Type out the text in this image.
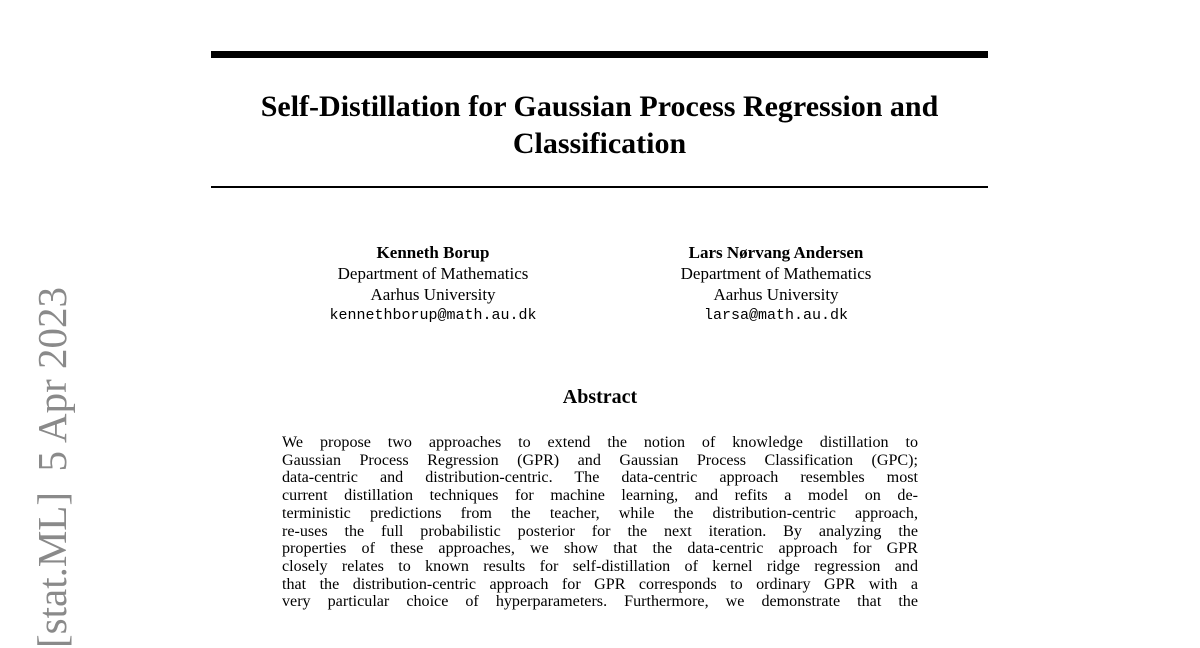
Self-Distillation for Gaussian Process Regression and Classification
Kenneth Borup
Department of Mathematics
Aarhus University
kennethborup@math.au.dk
Lars Nørvang Andersen
Department of Mathematics
Aarhus University
larsa@math.au.dk
Abstract
We propose two approaches to extend the notion of knowledge distillation to
Gaussian Process Regression (GPR) and Gaussian Process Classification (GPC);
data-centric and distribution-centric. The data-centric approach resembles most
current distillation techniques for machine learning, and refits a model on de-
terministic predictions from the teacher, while the distribution-centric approach,
re-uses the full probabilistic posterior for the next iteration. By analyzing the
properties of these approaches, we show that the data-centric approach for GPR
closely relates to known results for self-distillation of kernel ridge regression and
that the distribution-centric approach for GPR corresponds to ordinary GPR with a
very particular choice of hyperparameters. Furthermore, we demonstrate that the
[stat.ML]  5 Apr 2023
